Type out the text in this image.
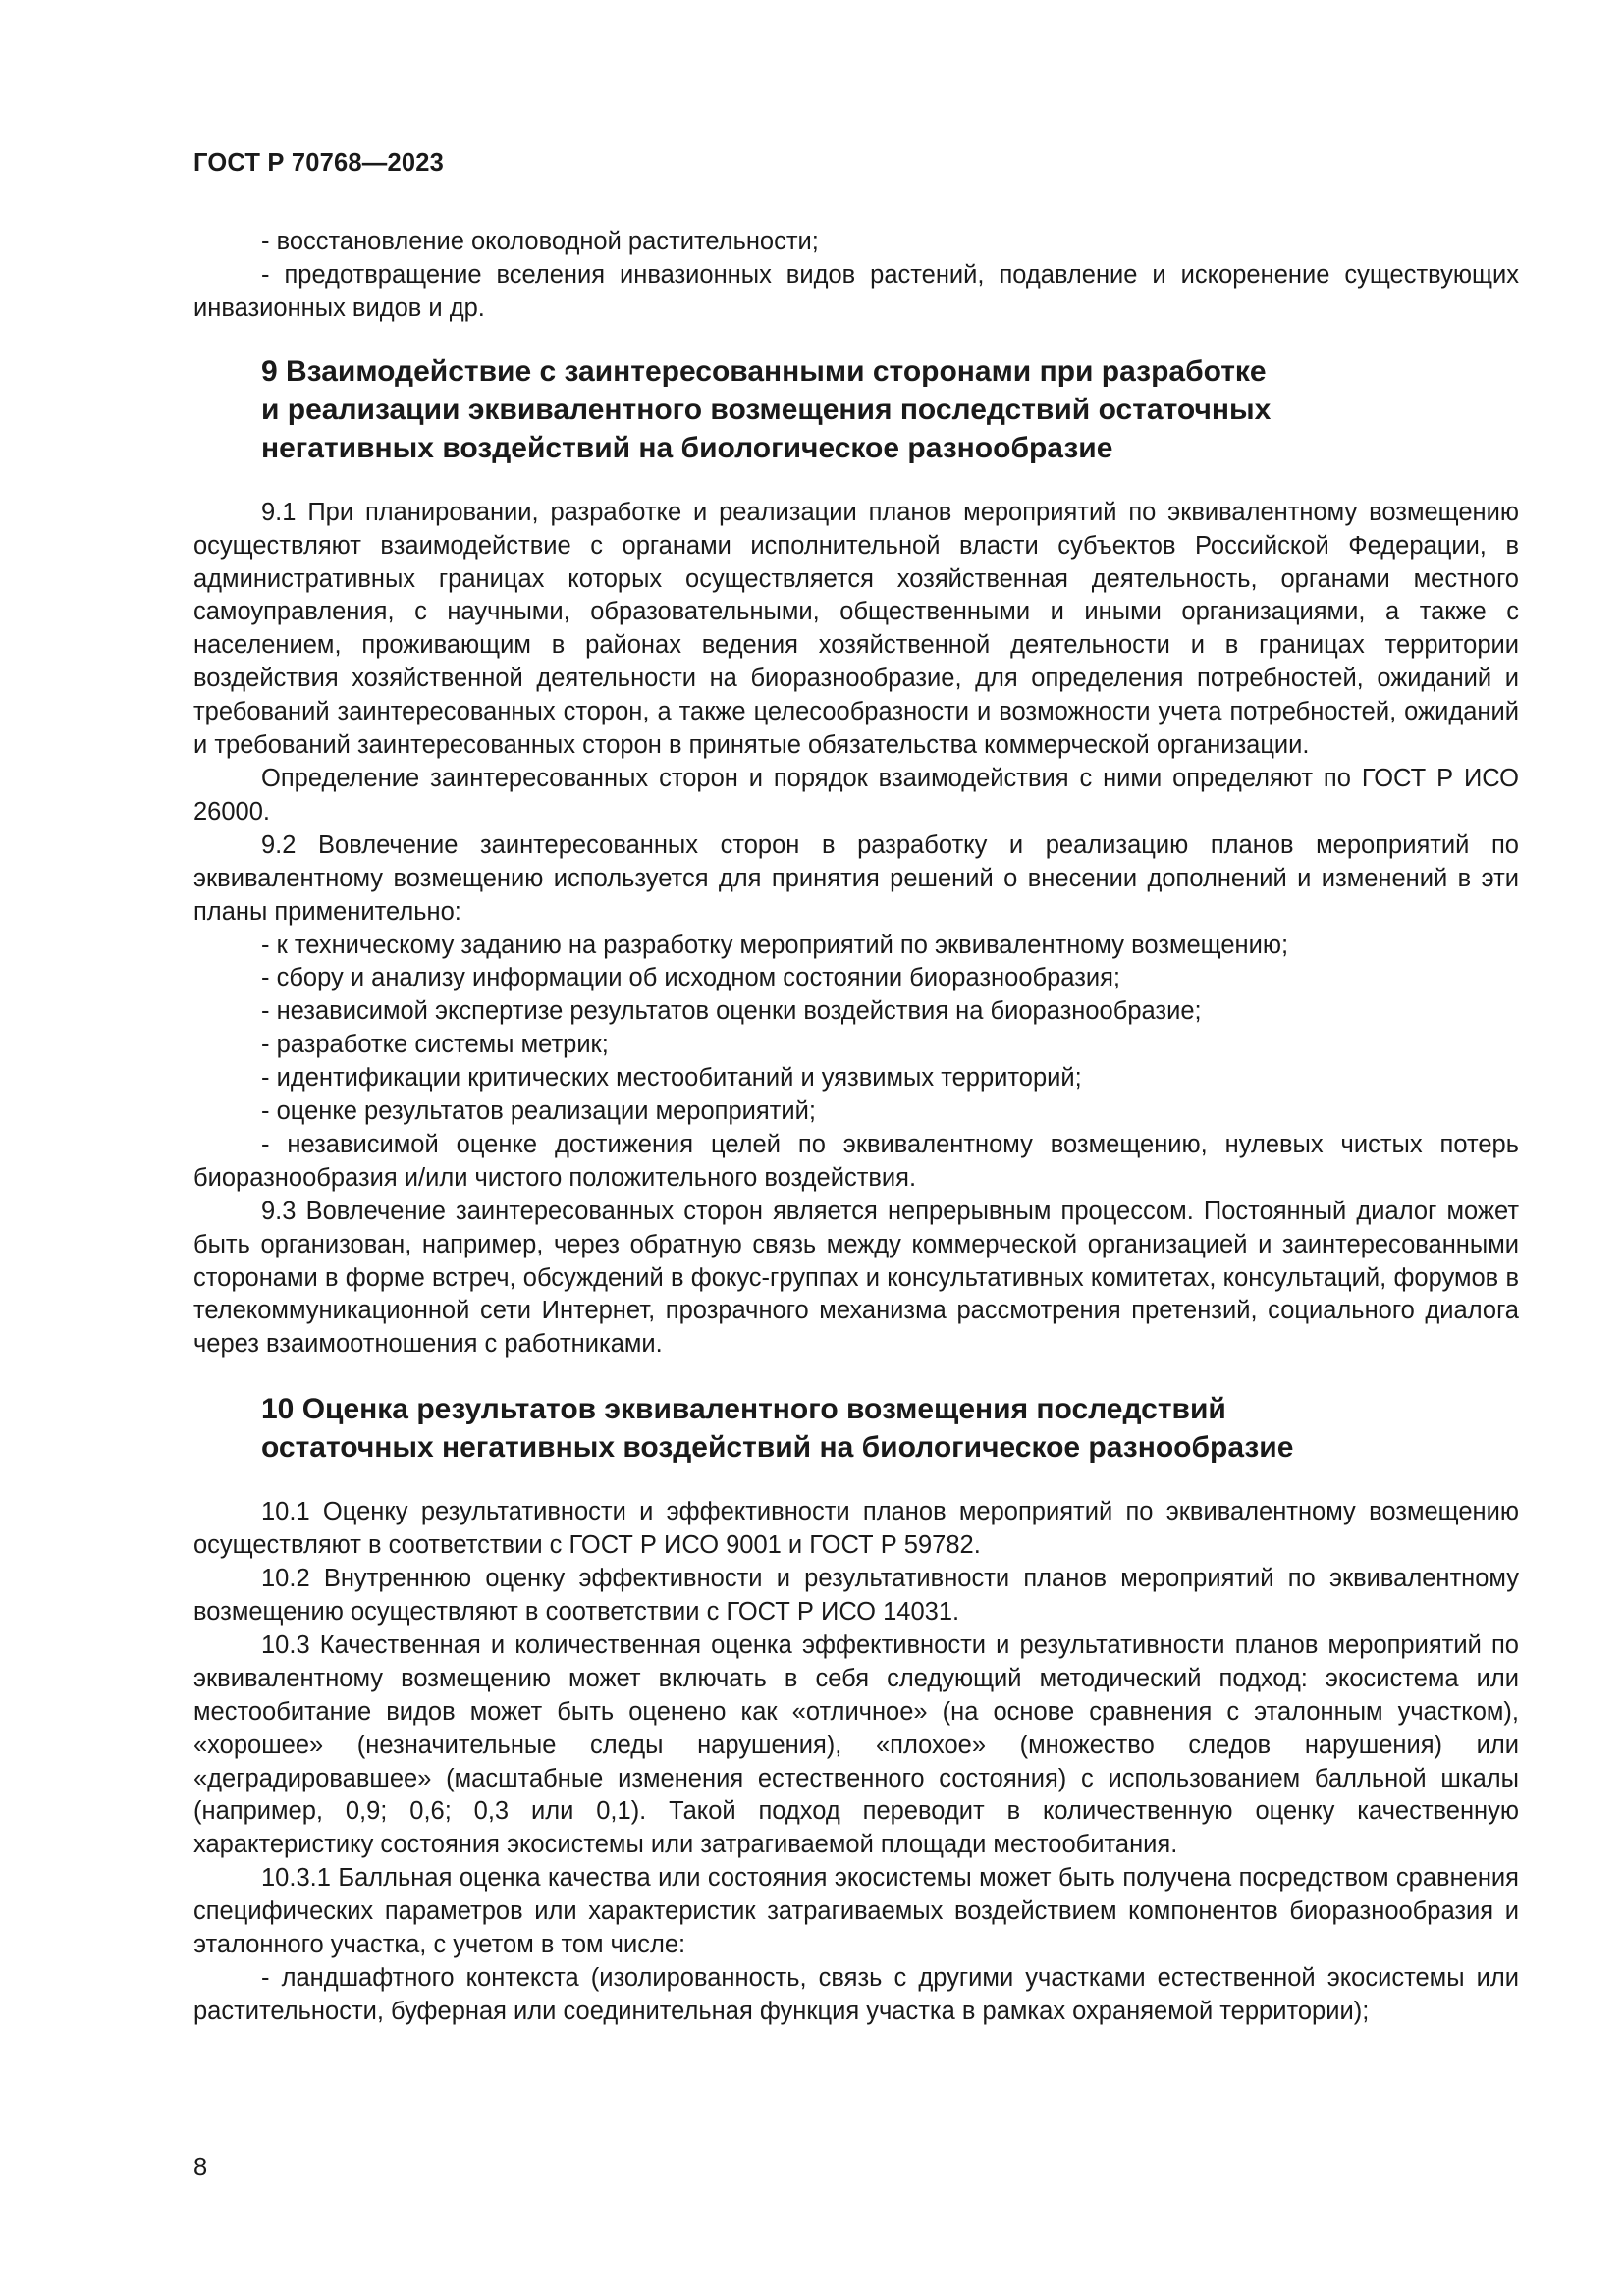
ГОСТ Р 70768—2023

- восстановление околоводной растительности;

- предотвращение вселения инвазионных видов растений, подавление и искоренение существующих инвазионных видов и др.

9 Взаимодействие с заинтересованными сторонами при разработке
и реализации эквивалентного возмещения последствий остаточных
негативных воздействий на биологическое разнообразие

9.1 При планировании, разработке и реализации планов мероприятий по эквивалентному возмещению осуществляют взаимодействие с органами исполнительной власти субъектов Российской Федерации, в административных границах которых осуществляется хозяйственная деятельность, органами местного самоуправления, с научными, образовательными, общественными и иными организациями, а также с населением, проживающим в районах ведения хозяйственной деятельности и в границах территории воздействия хозяйственной деятельности на биоразнообразие, для определения потребностей, ожиданий и требований заинтересованных сторон, а также целесообразности и возможности учета потребностей, ожиданий и требований заинтересованных сторон в принятые обязательства коммерческой организации.

Определение заинтересованных сторон и порядок взаимодействия с ними определяют по ГОСТ Р ИСО 26000.

9.2 Вовлечение заинтересованных сторон в разработку и реализацию планов мероприятий по эквивалентному возмещению используется для принятия решений о внесении дополнений и изменений в эти планы применительно:

- к техническому заданию на разработку мероприятий по эквивалентному возмещению;

- сбору и анализу информации об исходном состоянии биоразнообразия;

- независимой экспертизе результатов оценки воздействия на биоразнообразие;

- разработке системы метрик;

- идентификации критических местообитаний и уязвимых территорий;

- оценке результатов реализации мероприятий;

- независимой оценке достижения целей по эквивалентному возмещению, нулевых чистых потерь биоразнообразия и/или чистого положительного воздействия.

9.3 Вовлечение заинтересованных сторон является непрерывным процессом. Постоянный диалог может быть организован, например, через обратную связь между коммерческой организацией и заинтересованными сторонами в форме встреч, обсуждений в фокус-группах и консультативных комитетах, консультаций, форумов в телекоммуникационной сети Интернет, прозрачного механизма рассмотрения претензий, социального диалога через взаимоотношения с работниками.

10 Оценка результатов эквивалентного возмещения последствий
остаточных негативных воздействий на биологическое разнообразие

10.1 Оценку результативности и эффективности планов мероприятий по эквивалентному возмещению осуществляют в соответствии с ГОСТ Р ИСО 9001 и ГОСТ Р 59782.

10.2 Внутреннюю оценку эффективности и результативности планов мероприятий по эквивалентному возмещению осуществляют в соответствии с ГОСТ Р ИСО 14031.

10.3 Качественная и количественная оценка эффективности и результативности планов мероприятий по эквивалентному возмещению может включать в себя следующий методический подход: экосистема или местообитание видов может быть оценено как «отличное» (на основе сравнения с эталонным участком), «хорошее» (незначительные следы нарушения), «плохое» (множество следов нарушения) или «деградировавшее» (масштабные изменения естественного состояния) с использованием балльной шкалы (например, 0,9; 0,6; 0,3 или 0,1). Такой подход переводит в количественную оценку качественную характеристику состояния экосистемы или затрагиваемой площади местообитания.

10.3.1 Балльная оценка качества или состояния экосистемы может быть получена посредством сравнения специфических параметров или характеристик затрагиваемых воздействием компонентов биоразнообразия и эталонного участка, с учетом в том числе:

- ландшафтного контекста (изолированность, связь с другими участками естественной экосистемы или растительности, буферная или соединительная функция участка в рамках охраняемой территории);

8
